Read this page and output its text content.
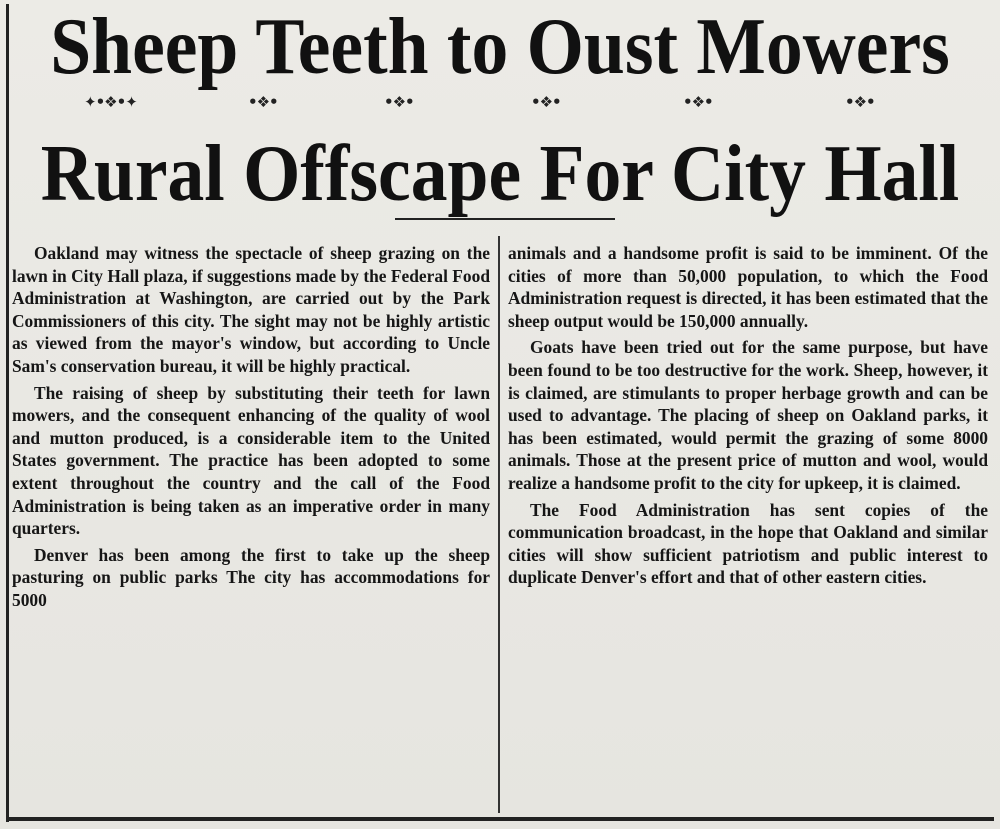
Sheep Teeth to Oust Mowers
✦•❖•✦	•❖•	•❖•	•❖•	•❖•	•❖•
Rural Offscape For City Hall

Oakland may witness the spectacle of sheep grazing on the lawn in City Hall plaza, if suggestions made by the Federal Food Administration at Washington, are carried out by the Park Commissioners of this city. The sight may not be highly artistic as viewed from the mayor's window, but according to Uncle Sam's conservation bureau, it will be highly practical.

The raising of sheep by substituting their teeth for lawn mowers, and the consequent enhancing of the quality of wool and mutton produced, is a considerable item to the United States government. The practice has been adopted to some extent throughout the country and the call of the Food Administration is being taken as an imperative order in many quarters.

Denver has been among the first to take up the sheep pasturing on public parks The city has accommodations for 5000

animals and a handsome profit is said to be imminent. Of the cities of more than 50,000 population, to which the Food Administration request is directed, it has been estimated that the sheep output would be 150,000 annually.

Goats have been tried out for the same purpose, but have been found to be too destructive for the work. Sheep, however, it is claimed, are stimulants to proper herbage growth and can be used to advantage. The placing of sheep on Oakland parks, it has been estimated, would permit the grazing of some 8000 animals. Those at the present price of mutton and wool, would realize a handsome profit to the city for upkeep, it is claimed.

The Food Administration has sent copies of the communication broadcast, in the hope that Oakland and similar cities will show sufficient patriotism and public interest to duplicate Denver's effort and that of other eastern cities.
